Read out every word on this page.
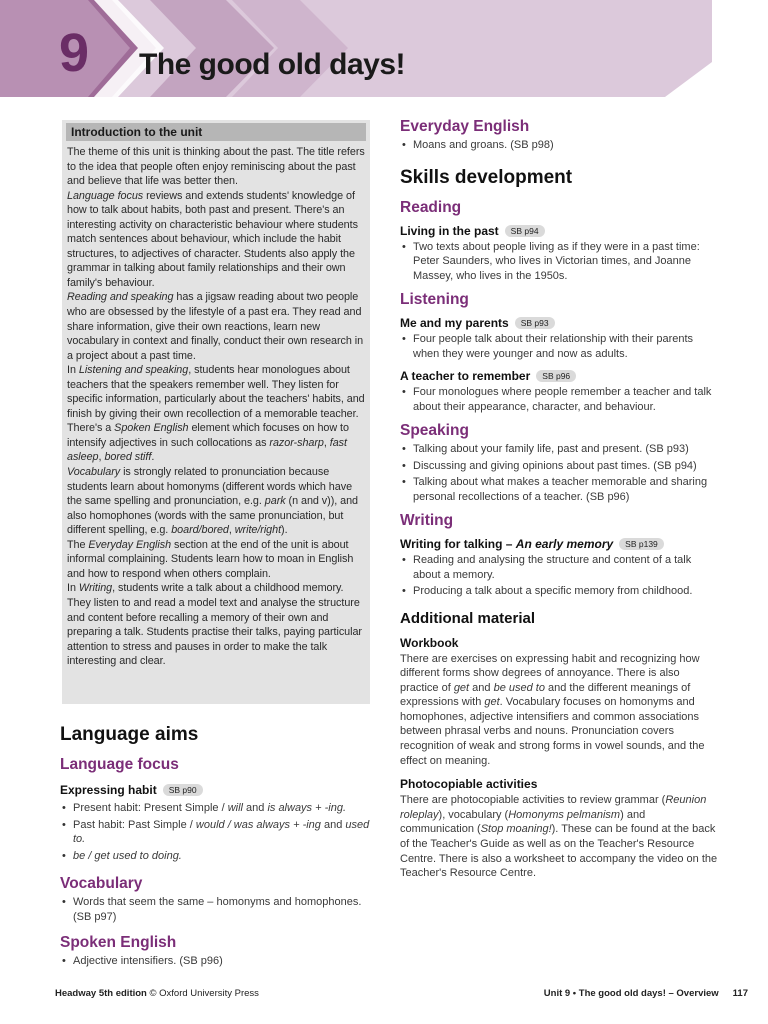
9 The good old days!
Introduction to the unit

The theme of this unit is thinking about the past. The title refers to the idea that people often enjoy reminiscing about the past and believe that life was better then.

Language focus reviews and extends students' knowledge of how to talk about habits, both past and present. There's an interesting activity on characteristic behaviour where students match sentences about behaviour, which include the habit structures, to adjectives of character. Students also apply the grammar in talking about family relationships and their own family's behaviour.

Reading and speaking has a jigsaw reading about two people who are obsessed by the lifestyle of a past era. They read and share information, give their own reactions, learn new vocabulary in context and finally, conduct their own research in a project about a past time.

In Listening and speaking, students hear monologues about teachers that the speakers remember well. They listen for specific information, particularly about the teachers' habits, and finish by giving their own recollection of a memorable teacher. There's a Spoken English element which focuses on how to intensify adjectives in such collocations as razor-sharp, fast asleep, bored stiff.

Vocabulary is strongly related to pronunciation because students learn about homonyms (different words which have the same spelling and pronunciation, e.g. park (n and v)), and also homophones (words with the same pronunciation, but different spelling, e.g. board/bored, write/right).

The Everyday English section at the end of the unit is about informal complaining. Students learn how to moan in English and how to respond when others complain.

In Writing, students write a talk about a childhood memory. They listen to and read a model text and analyse the structure and content before recalling a memory of their own and preparing a talk. Students practise their talks, paying particular attention to stress and pauses in order to make the talk interesting and clear.

Language aims
Language focus
Expressing habit SB p90
• Present habit: Present Simple / will and is always + -ing.
• Past habit: Past Simple / would / was always + -ing and used to.
• be / get used to doing.
Vocabulary
• Words that seem the same – homonyms and homophones. (SB p97)
Spoken English
• Adjective intensifiers. (SB p96)
Everyday English
• Moans and groans. (SB p98)
Skills development
Reading
Living in the past SB p94
• Two texts about people living as if they were in a past time: Peter Saunders, who lives in Victorian times, and Joanne Massey, who lives in the 1950s.
Listening
Me and my parents SB p93
• Four people talk about their relationship with their parents when they were younger and now as adults.
A teacher to remember SB p96
• Four monologues where people remember a teacher and talk about their appearance, character, and behaviour.
Speaking
• Talking about your family life, past and present. (SB p93)
• Discussing and giving opinions about past times. (SB p94)
• Talking about what makes a teacher memorable and sharing personal recollections of a teacher. (SB p96)
Writing
Writing for talking – An early memory SB p139
• Reading and analysing the structure and content of a talk about a memory.
• Producing a talk about a specific memory from childhood.
Additional material
Workbook
There are exercises on expressing habit and recognizing how different forms show degrees of annoyance. There is also practice of get and be used to and the different meanings of expressions with get. Vocabulary focuses on homonyms and homophones, adjective intensifiers and common associations between phrasal verbs and nouns. Pronunciation covers recognition of weak and strong forms in vowel sounds, and the effect on meaning.
Photocopiable activities
There are photocopiable activities to review grammar (Reunion roleplay), vocabulary (Homonyms pelmanism) and communication (Stop moaning!). These can be found at the back of the Teacher's Guide as well as on the Teacher's Resource Centre. There is also a worksheet to accompany the video on the Teacher's Resource Centre.
Headway 5th edition © Oxford University Press	Unit 9 • The good old days! – Overview 117
